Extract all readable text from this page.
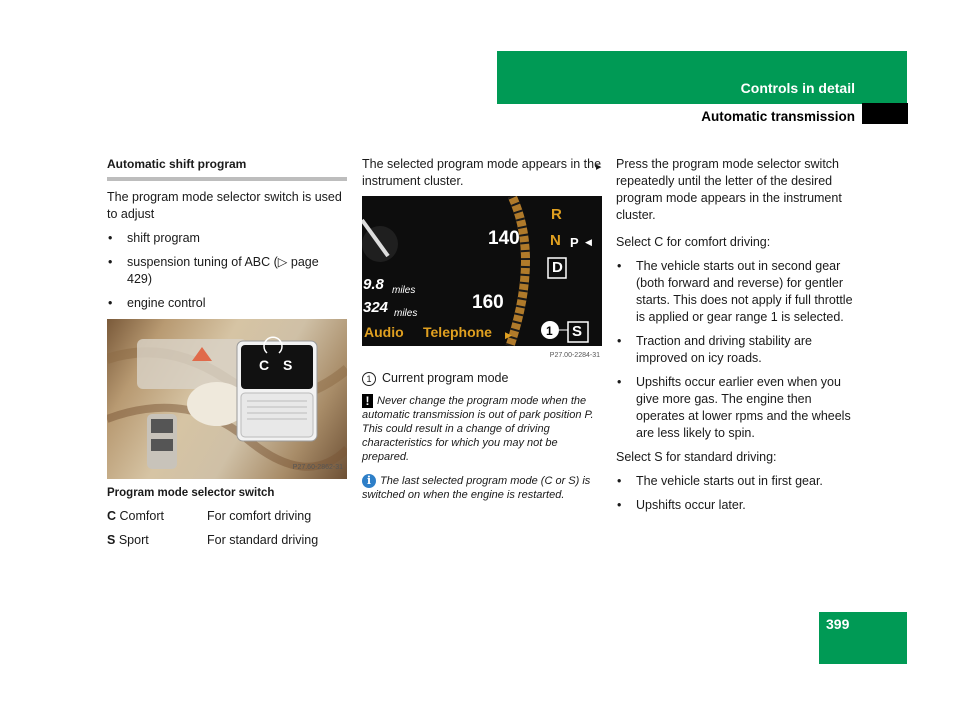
Controls in detail
Automatic transmission
Automatic shift program

The program mode selector switch is used to adjust

• shift program
• suspension tuning of ABC (▷ page 429)
• engine control
C S
P27.60-2862-31
Program mode selector switch
C Comfort	For comfort driving
S Sport	For standard driving

The selected program mode appears in the instrument cluster.

140
160
9.8 miles
324 miles
R
N P ◀
D
Audio Telephone ▶	1 S
P27.00-2284-31

1 Current program mode

! Never change the program mode when the automatic transmission is out of park position P. This could result in a change of driving characteristics for which you may not be prepared.
i The last selected program mode (C or S) is switched on when the engine is restarted.

▶ Press the program mode selector switch repeatedly until the letter of the desired program mode appears in the instrument cluster.

Select C for comfort driving:

• The vehicle starts out in second gear (both forward and reverse) for gentler starts. This does not apply if full throttle is applied or gear range 1 is selected.
• Traction and driving stability are improved on icy roads.
• Upshifts occur earlier even when you give more gas. The engine then operates at lower rpms and the wheels are less likely to spin.

Select S for standard driving:

• The vehicle starts out in first gear.
• Upshifts occur later.
399
